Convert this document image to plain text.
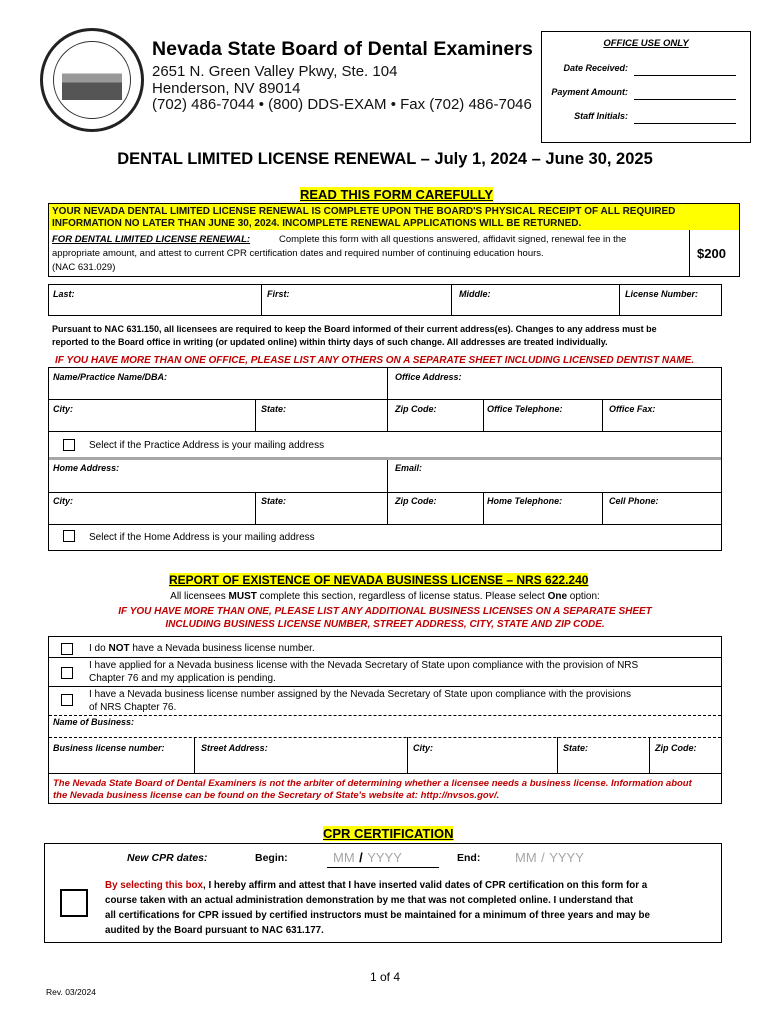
Nevada State Board of Dental Examiners
2651 N. Green Valley Pkwy, Ste. 104
Henderson, NV 89014
(702) 486-7044 • (800) DDS-EXAM • Fax (702) 486-7046
OFFICE USE ONLY
Date Received:
Payment Amount:
Staff Initials:
DENTAL LIMITED LICENSE RENEWAL – July 1, 2024 – June 30, 2025
READ THIS FORM CAREFULLY
YOUR NEVADA DENTAL LIMITED LICENSE RENEWAL IS COMPLETE UPON THE BOARD'S PHYSICAL RECEIPT OF ALL REQUIRED
INFORMATION NO LATER THAN JUNE 30, 2024. INCOMPLETE RENEWAL APPLICATIONS WILL BE RETURNED.
FOR DENTAL LIMITED LICENSE RENEWAL:	Complete this form with all questions answered, affidavit signed, renewal fee in the
appropriate amount, and attest to current CPR certification dates and required number of continuing education hours.
(NAC 631.029)
$200
Last:	First:	Middle:	License Number:
Pursuant to NAC 631.150, all licensees are required to keep the Board informed of their current address(es). Changes to any address must be
reported to the Board office in writing (or updated online) within thirty days of such change. All addresses are treated individually.
IF YOU HAVE MORE THAN ONE OFFICE, PLEASE LIST ANY OTHERS ON A SEPARATE SHEET INCLUDING LICENSED DENTIST NAME.
Name/Practice Name/DBA:	Office Address:
City:	State:	Zip Code:	Office Telephone:	Office Fax:
Select if the Practice Address is your mailing address
Home Address:	Email:
City:	State:	Zip Code:	Home Telephone:	Cell Phone:
Select if the Home Address is your mailing address
REPORT OF EXISTENCE OF NEVADA BUSINESS LICENSE – NRS 622.240
All licensees MUST complete this section, regardless of license status. Please select One option:
IF YOU HAVE MORE THAN ONE, PLEASE LIST ANY ADDITIONAL BUSINESS LICENSES ON A SEPARATE SHEET
INCLUDING BUSINESS LICENSE NUMBER, STREET ADDRESS, CITY, STATE AND ZIP CODE.
I do NOT have a Nevada business license number.
I have applied for a Nevada business license with the Nevada Secretary of State upon compliance with the provision of NRS
Chapter 76 and my application is pending.
I have a Nevada business license number assigned by the Nevada Secretary of State upon compliance with the provisions
of NRS Chapter 76.
Name of Business:
Business license number:	Street Address:	City:	State:	Zip Code:
The Nevada State Board of Dental Examiners is not the arbiter of determining whether a licensee needs a business license. Information about
the Nevada business license can be found on the Secretary of State's website at: http://nvsos.gov/.
CPR CERTIFICATION
New CPR dates:	Begin:	MM / YYYY	End:	MM / YYYY
By selecting this box, I hereby affirm and attest that I have inserted valid dates of CPR certification on this form for a
course taken with an actual administration demonstration by me that was not completed online. I understand that
all certifications for CPR issued by certified instructors must be maintained for a minimum of three years and may be
audited by the Board pursuant to NAC 631.177.
1 of 4
Rev. 03/2024
